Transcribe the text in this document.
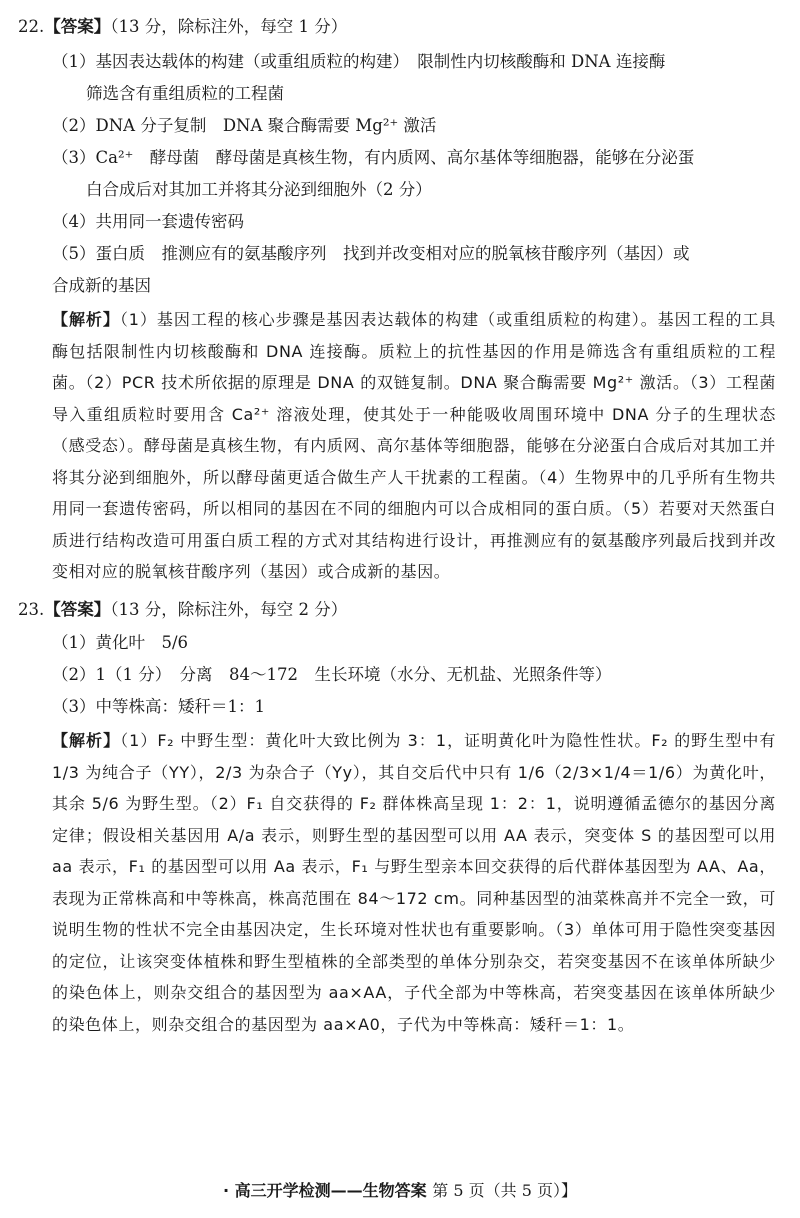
22.【答案】（13 分，除标注外，每空 1 分）
（1）基因表达载体的构建（或重组质粒的构建）　限制性内切核酸酶和 DNA 连接酶
筛选含有重组质粒的工程菌
（2）DNA 分子复制　DNA 聚合酶需要 Mg²⁺ 激活
（3）Ca²⁺　酵母菌　酵母菌是真核生物，有内质网、高尔基体等细胞器，能够在分泌蛋
白合成后对其加工并将其分泌到细胞外（2 分）
（4）共用同一套遗传密码
（5）蛋白质　推测应有的氨基酸序列　找到并改变相对应的脱氧核苷酸序列（基因）或
合成新的基因
【解析】（1）基因工程的核心步骤是基因表达载体的构建（或重组质粒的构建）。基因工程的工具酶包括限制性内切核酸酶和 DNA 连接酶。质粒上的抗性基因的作用是筛选含有重组质粒的工程菌。（2）PCR 技术所依据的原理是 DNA 的双链复制。DNA 聚合酶需要 Mg²⁺ 激活。（3）工程菌导入重组质粒时要用含 Ca²⁺ 溶液处理，使其处于一种能吸收周围环境中 DNA 分子的生理状态（感受态）。酵母菌是真核生物，有内质网、高尔基体等细胞器，能够在分泌蛋白合成后对其加工并将其分泌到细胞外，所以酵母菌更适合做生产人干扰素的工程菌。（4）生物界中的几乎所有生物共用同一套遗传密码，所以相同的基因在不同的细胞内可以合成相同的蛋白质。（5）若要对天然蛋白质进行结构改造可用蛋白质工程的方式对其结构进行设计，再推测应有的氨基酸序列最后找到并改变相对应的脱氧核苷酸序列（基因）或合成新的基因。
23.【答案】（13 分，除标注外，每空 2 分）
（1）黄化叶　5/6
（2）1（1 分）　分离　84～172　生长环境（水分、无机盐、光照条件等）
（3）中等株高：矮秆＝1：1
【解析】（1）F₂ 中野生型：黄化叶大致比例为 3：1，证明黄化叶为隐性性状。F₂ 的野生型中有 1/3 为纯合子（YY），2/3 为杂合子（Yy），其自交后代中只有 1/6（2/3×1/4＝1/6）为黄化叶，其余 5/6 为野生型。（2）F₁ 自交获得的 F₂ 群体株高呈现 1：2：1，说明遵循孟德尔的基因分离定律；假设相关基因用 A/a 表示，则野生型的基因型可以用 AA 表示，突变体 S 的基因型可以用 aa 表示，F₁ 的基因型可以用 Aa 表示，F₁ 与野生型亲本回交获得的后代群体基因型为 AA、Aa，表现为正常株高和中等株高，株高范围在 84～172 cm。同种基因型的油菜株高并不完全一致，可说明生物的性状不完全由基因决定，生长环境对性状也有重要影响。（3）单体可用于隐性突变基因的定位，让该突变体植株和野生型植株的全部类型的单体分别杂交，若突变基因不在该单体所缺少的染色体上，则杂交组合的基因型为 aa×AA，子代全部为中等株高，若突变基因在该单体所缺少的染色体上，则杂交组合的基因型为 aa×A0，子代为中等株高：矮秆＝1：1。
· 高三开学检测——生物答案 第 5 页（共 5 页）】
